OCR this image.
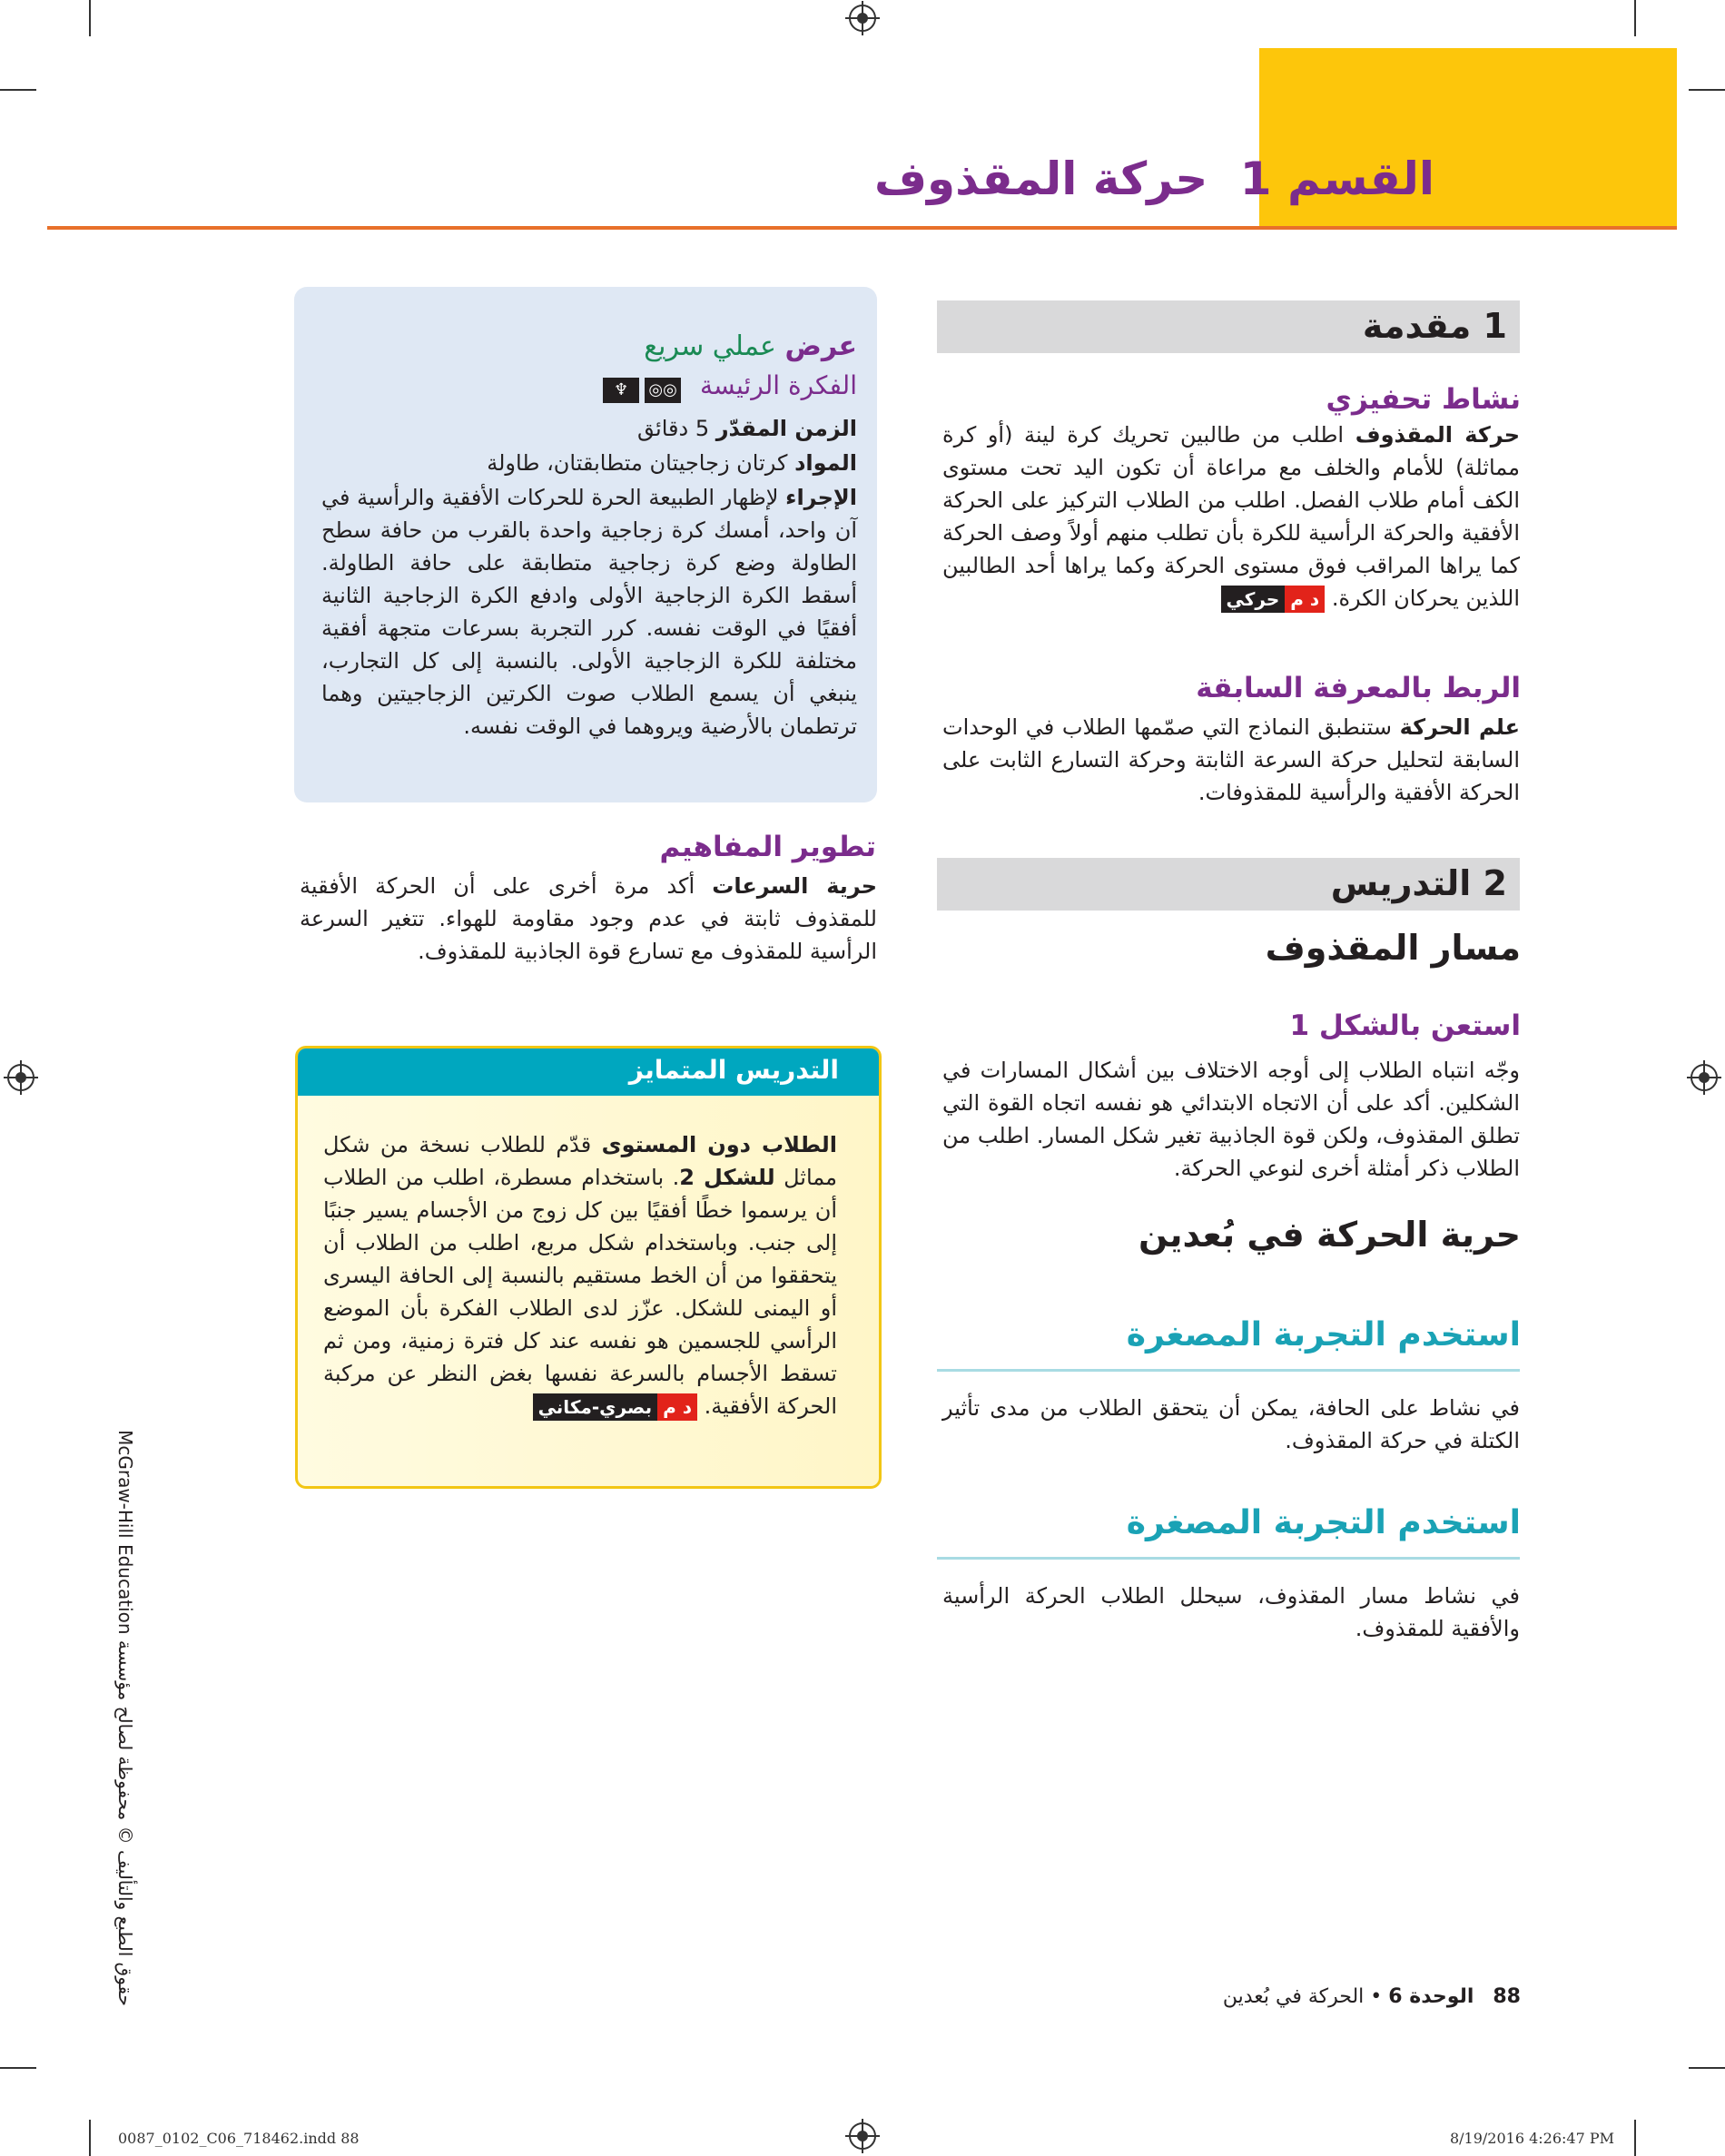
القسم 1 حركة المقذوف
1 مقدمة
نشاط تحفيزي
حركة المقذوف اطلب من طالبين تحريك كرة لينة (أو كرة مماثلة) للأمام والخلف مع مراعاة أن تكون اليد تحت مستوى الكف أمام طلاب الفصل. اطلب من الطلاب التركيز على الحركة الأفقية والحركة الرأسية للكرة بأن تطلب منهم أولاً وصف الحركة كما يراها المراقب فوق مستوى الحركة وكما يراها أحد الطالبين اللذين يحركان الكرة. د محركي
الربط بالمعرفة السابقة
علم الحركة ستنطبق النماذج التي صمّمها الطلاب في الوحدات السابقة لتحليل حركة السرعة الثابتة وحركة التسارع الثابت على الحركة الأفقية والرأسية للمقذوفات.
2 التدريس
مسار المقذوف
استعن بالشكل 1
وجّه انتباه الطلاب إلى أوجه الاختلاف بين أشكال المسارات في الشكلين. أكد على أن الاتجاه الابتدائي هو نفسه اتجاه القوة التي تطلق المقذوف، ولكن قوة الجاذبية تغير شكل المسار. اطلب من الطلاب ذكر أمثلة أخرى لنوعي الحركة.
حرية الحركة في بُعدين
استخدم التجربة المصغرة
في نشاط على الحافة، يمكن أن يتحقق الطلاب من مدى تأثير الكتلة في حركة المقذوف.
استخدم التجربة المصغرة
في نشاط مسار المقذوف، سيحلل الطلاب الحركة الرأسية والأفقية للمقذوف.
عرض عملي سريع
الفكرة الرئيسة ◎◎♆
الزمن المقدّر 5 دقائق
المواد كرتان زجاجيتان متطابقتان، طاولة
الإجراء لإظهار الطبيعة الحرة للحركات الأفقية والرأسية في آن واحد، أمسك كرة زجاجية واحدة بالقرب من حافة سطح الطاولة وضع كرة زجاجية متطابقة على حافة الطاولة. أسقط الكرة الزجاجية الأولى وادفع الكرة الزجاجية الثانية أفقيًا في الوقت نفسه. كرر التجربة بسرعات متجهة أفقية مختلفة للكرة الزجاجية الأولى. بالنسبة إلى كل التجارب، ينبغي أن يسمع الطلاب صوت الكرتين الزجاجيتين وهما ترتطمان بالأرضية ويروهما في الوقت نفسه.
تطوير المفاهيم
حرية السرعات أكد مرة أخرى على أن الحركة الأفقية للمقذوف ثابتة في عدم وجود مقاومة للهواء. تتغير السرعة الرأسية للمقذوف مع تسارع قوة الجاذبية للمقذوف.
التدريس المتمايز
الطلاب دون المستوى قدّم للطلاب نسخة من شكل مماثل للشكل 2. باستخدام مسطرة، اطلب من الطلاب أن يرسموا خطًا أفقيًا بين كل زوج من الأجسام يسير جنبًا إلى جنب. وباستخدام شكل مربع، اطلب من الطلاب أن يتحققوا من أن الخط مستقيم بالنسبة إلى الحافة اليسرى أو اليمنى للشكل. عزّز لدى الطلاب الفكرة بأن الموضع الرأسي للجسمين هو نفسه عند كل فترة زمنية، ومن ثم تسقط الأجسام بالسرعة نفسها بغض النظر عن مركبة الحركة الأفقية. د مبصري-مكاني
حقوق الطبع والتأليف © محفوظة لصالح مؤسسة McGraw-Hill Education	88   الوحدة 6 • الحركة في بُعدين
0087_0102_C06_718462.indd 88	8/19/2016 4:26:47 PM
